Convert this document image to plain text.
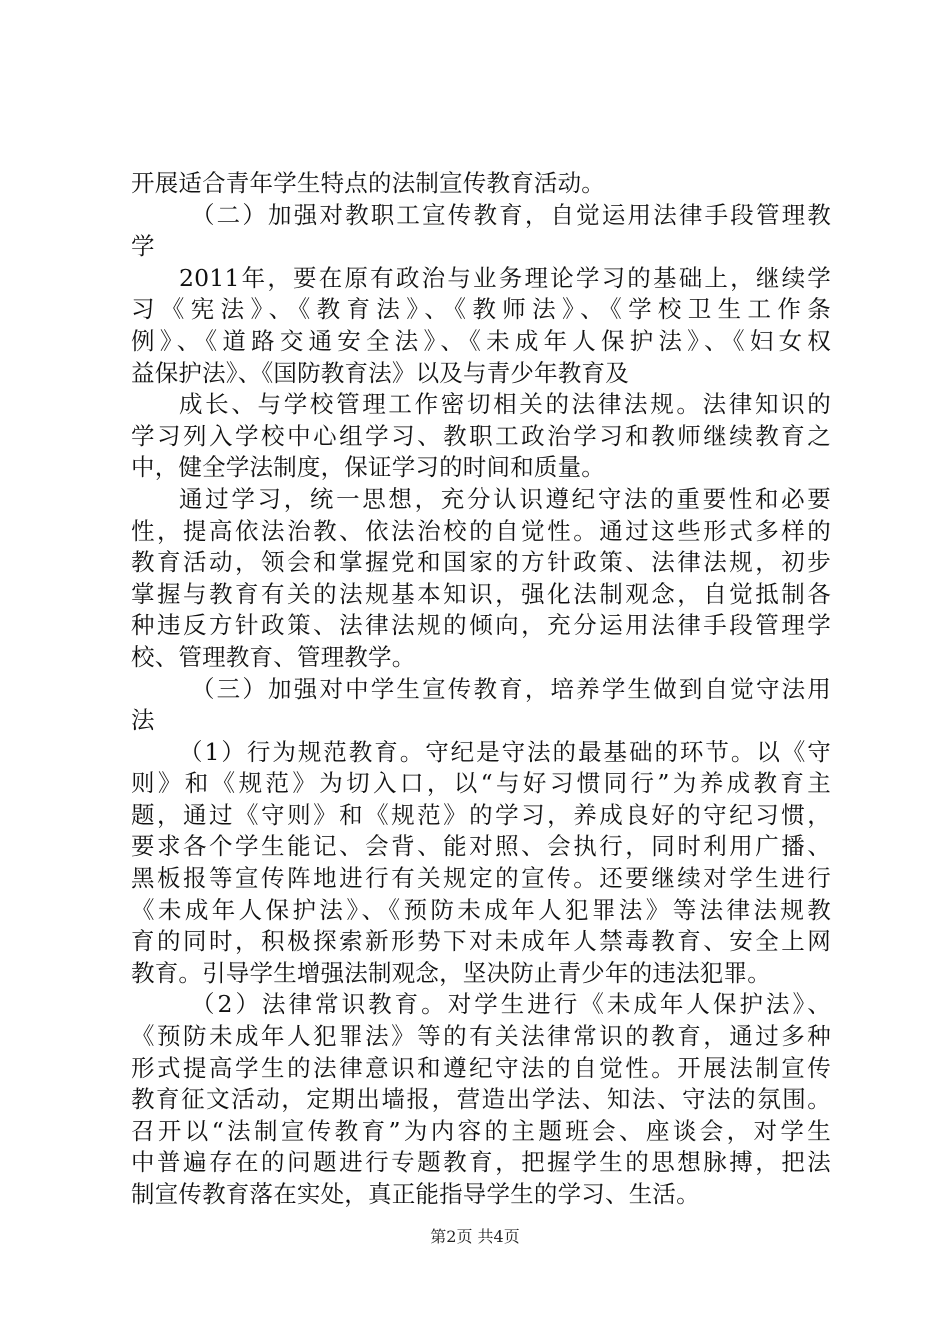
开展适合青年学生特点的法制宣传教育活动。
（二）加强对教职工宣传教育，自觉运用法律手段管理教
学
2011年，要在原有政治与业务理论学习的基础上，继续学
习《宪法》、《教育法》、《教师法》、《学校卫生工作条
例》、《道路交通安全法》、《未成年人保护法》、《妇女权
益保护法》、《国防教育法》以及与青少年教育及
成长、与学校管理工作密切相关的法律法规。法律知识的
学习列入学校中心组学习、教职工政治学习和教师继续教育之
中，健全学法制度，保证学习的时间和质量。
通过学习，统一思想，充分认识遵纪守法的重要性和必要
性，提高依法治教、依法治校的自觉性。通过这些形式多样的
教育活动，领会和掌握党和国家的方针政策、法律法规，初步
掌握与教育有关的法规基本知识，强化法制观念，自觉抵制各
种违反方针政策、法律法规的倾向，充分运用法律手段管理学
校、管理教育、管理教学。
（三）加强对中学生宣传教育，培养学生做到自觉守法用
法
（1）行为规范教育。守纪是守法的最基础的环节。以《守
则》和《规范》为切入口，以“与好习惯同行”为养成教育主
题，通过《守则》和《规范》的学习，养成良好的守纪习惯，
要求各个学生能记、会背、能对照、会执行，同时利用广播、
黑板报等宣传阵地进行有关规定的宣传。还要继续对学生进行
《未成年人保护法》、《预防未成年人犯罪法》等法律法规教
育的同时，积极探索新形势下对未成年人禁毒教育、安全上网
教育。引导学生增强法制观念，坚决防止青少年的违法犯罪。
（2）法律常识教育。对学生进行《未成年人保护法》、
《预防未成年人犯罪法》等的有关法律常识的教育，通过多种
形式提高学生的法律意识和遵纪守法的自觉性。开展法制宣传
教育征文活动，定期出墙报，营造出学法、知法、守法的氛围。
召开以“法制宣传教育”为内容的主题班会、座谈会，对学生
中普遍存在的问题进行专题教育，把握学生的思想脉搏，把法
制宣传教育落在实处，真正能指导学生的学习、生活。
第2页 共4页
